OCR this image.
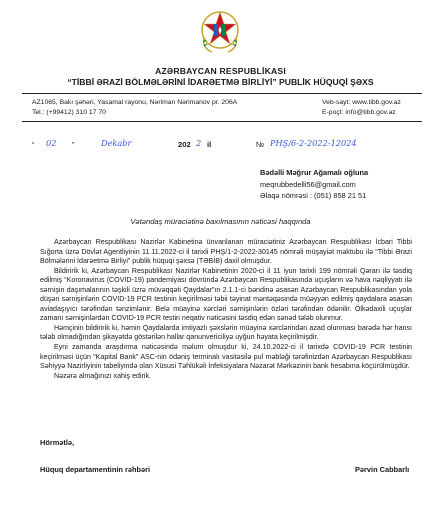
AZƏRBAYCAN RESPUBLİKASI
“TİBBİ ƏRAZİ BÖLMƏLƏRİNİ İDARƏETMƏ BİRLİYİ” PUBLİK HÜQUQİ ŞƏXS
AZ1065, Bakı şəhəri, Yasamal rayonu, Nəriman Nərimanov pr. 206A
Tel.: (+99412) 310 17 70
Veb-sayt: www.tibb.gov.az
E-poçt: info@tibb.gov.az
“ 02 ”	Dekabr	202 2 il	№ PHŞ/6-2-2022-12024
Bədəlli Məğrur Ağamalı oğluna
meqrubbedelli56@gmail.com
Əlaqə nömrəsi : (051) 858 21 51
Vətəndaş müraciətinə baxılmasının nəticəsi haqqında

Azərbaycan Respublikası Nazirlər Kabinetinə ünvanlanan müraciətiniz Azərbaycan Respublikası İcbari Tibbi Sığorta üzrə Dövlət Agentliyinin 11.11.2022-ci il tarixli PHŞ/1-2-2022-30145 nömrəli müşayiət məktubu ilə “Tibbi Ərazi Bölmələrini İdarəetmə Birliyi” publik hüquqi şəxsə (TƏBİB) daxil olmuşdur.

Bildiririk ki, Azərbaycan Respublikası Nazirlər Kabinetinin 2020-ci il 11 iyun tarixli 199 nömrəli Qərarı ilə təsdiq edilmiş “Koronavirus (COVID-19) pandemiyası dövründə Azərbaycan Respublikasında uçuşların və hava nəqliyyatı ilə sərnişin daşımalarının təşkili üzrə müvəqqəti Qaydalar”ın 2.1.1-ci bəndinə əsasən Azərbaycan Respublikasından yola düşən sərnişinlərin COVID-19 PCR testinin keçirilməsi təbii təyinat məntəqəsində müəyyən edilmiş qaydalara əsasən aviadaşıyıcı tərəfindən tənzimlənir. Belə müayinə xərcləri sərnişinlərin özləri tərəfindən ödənilir. Ölkədaxili uçuşlar zamanı sərnişinlərdən COVID-19 PCR testin neqativ nəticəsini təsdiq edən sənəd tələb olunmur.

Həmçinin bildiririk ki, həmin Qaydalarda imtiyazlı şəxslərin müayinə xərclərindən azad olunması barədə hər hansı tələb olmadığından şikayətdə göstərilən hallar qanunvericiliyə uyğun həyata keçirilmişdir.

Eyni zamanda araşdırma nəticəsində məlum olmuşdur ki, 24.10.2022-ci il tarixdə COVID-19 PCR testinin keçirilməsi üçün “Kapital Bank” ASC-nin ödəniş terminalı vasitəsilə pul məbləği tərəfinizdən Azərbaycan Respublikası Səhiyyə Nazirliyinin tabeliyində olan Xüsusi Təhlükəli İnfeksiyalara Nəzarət Mərkəzinin bank hesabına köçürülmüşdür.

Nəzərə almağınızı xahiş edirik.

Hörmətlə,
Hüquq departamentinin rəhbəri	Pərvin Cabbarlı
